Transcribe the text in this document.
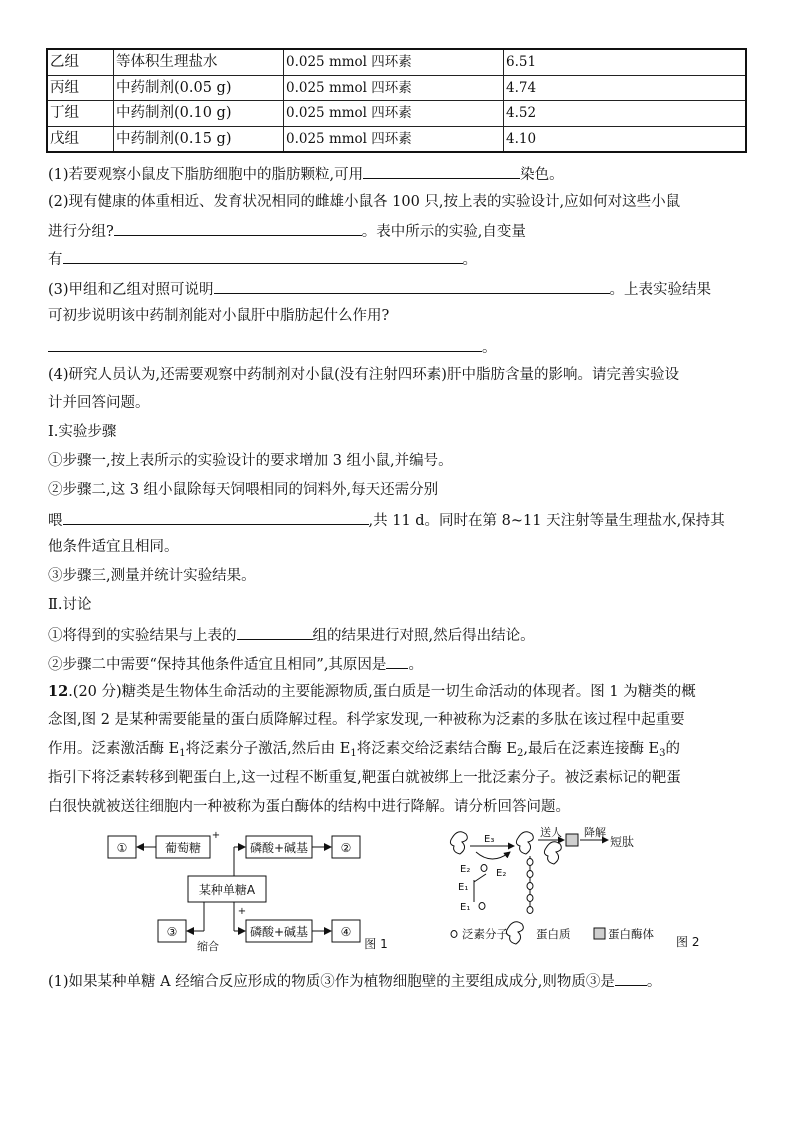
乙组	等体积生理盐水	0.025 mmol 四环素	6.51
丙组	中药制剂(0.05 g)	0.025 mmol 四环素	4.74
丁组	中药制剂(0.10 g)	0.025 mmol 四环素	4.52
戊组	中药制剂(0.15 g)	0.025 mmol 四环素	4.10
(1)若要观察小鼠皮下脂肪细胞中的脂肪颗粒,可用	染色。
(2)现有健康的体重相近、发育状况相同的雌雄小鼠各 100 只,按上表的实验设计,应如何对这些小鼠
进行分组?	。表中所示的实验,自变量
有	。
(3)甲组和乙组对照可说明	。上表实验结果
可初步说明该中药制剂能对小鼠肝中脂肪起什么作用?
。
(4)研究人员认为,还需要观察中药制剂对小鼠(没有注射四环素)肝中脂肪含量的影响。请完善实验设
计并回答问题。
Ⅰ.实验步骤
①步骤一,按上表所示的实验设计的要求增加 3 组小鼠,并编号。
②步骤二,这 3 组小鼠除每天饲喂相同的饲料外,每天还需分别
喂	,共 11 d。同时在第 8~11 天注射等量生理盐水,保持其
他条件适宜且相同。
③步骤三,测量并统计实验结果。
Ⅱ.讨论
①将得到的实验结果与上表的	组的结果进行对照,然后得出结论。
②步骤二中需要“保持其他条件适宜且相同”,其原因是 。
12.(20 分)糖类是生物体生命活动的主要能源物质,蛋白质是一切生命活动的体现者。图 1 为糖类的概
念图,图 2 是某种需要能量的蛋白质降解过程。科学家发现,一种被称为泛素的多肽在该过程中起重要
作用。泛素激活酶 $E_1$将泛素分子激活,然后由 $E_1$将泛素交给泛素结合酶 $E_2$,最后在泛素连接酶 $E_3$的
指引下将泛素转移到靶蛋白上,这一过程不断重复,靶蛋白就被绑上一批泛素分子。被泛素标记的靶蛋
白很快就被送往细胞内一种被称为蛋白酶体的结构中进行降解。请分析回答问题。
①	葡萄糖	磷酸+碱基	②
某种单糖A
③	磷酸+碱基	④
+
+
缩合	图 1
E₃
E₂	E₂
E₁
E₁
送人 降解
短肽
泛素分子 蛋白质	蛋白酶体
图 2
(1)如果某种单糖 A 经缩合反应形成的物质③作为植物细胞壁的主要组成成分,则物质③是 。
